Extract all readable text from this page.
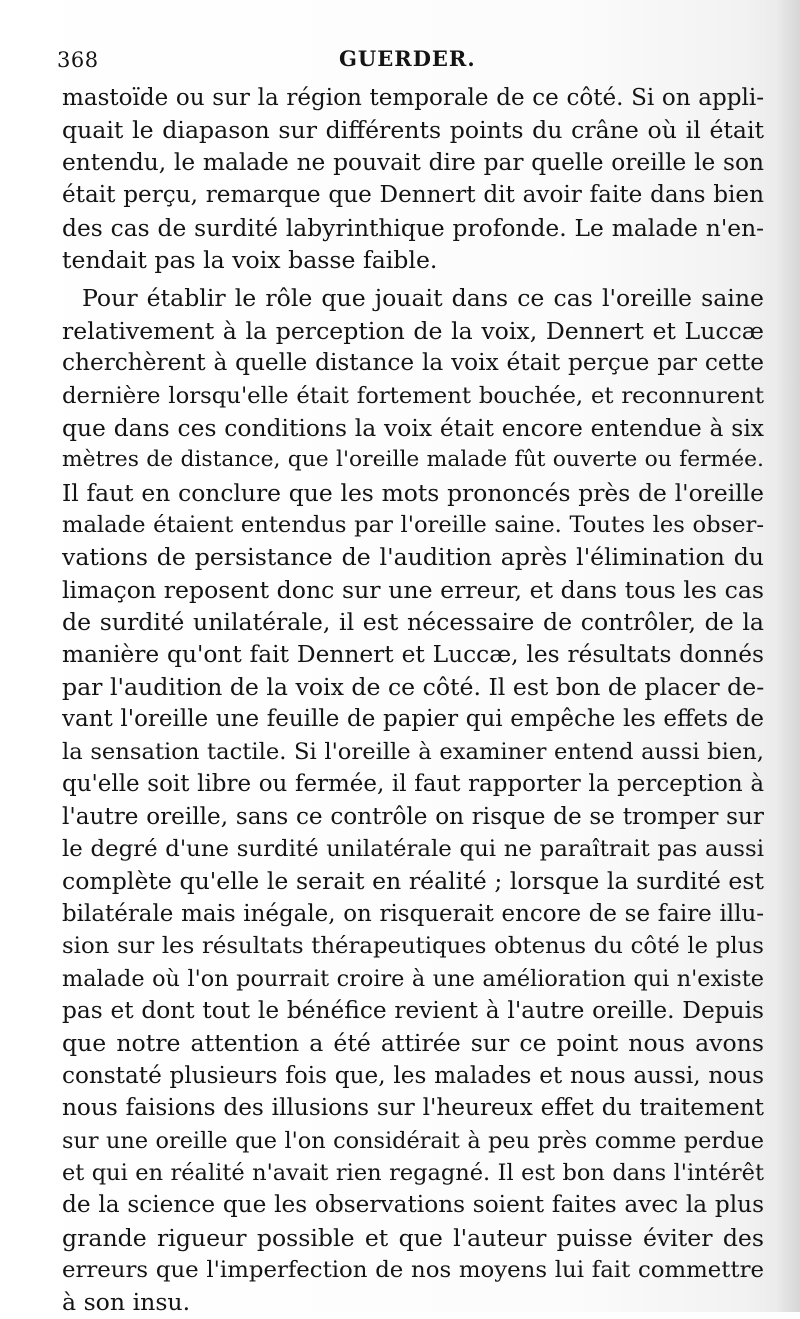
368	GUERDER.

mastoïde ou sur la région temporale de ce côté. Si on appli-
quait le diapason sur différents points du crâne où il était
entendu, le malade ne pouvait dire par quelle oreille le son
était perçu, remarque que Dennert dit avoir faite dans bien
des cas de surdité labyrinthique profonde. Le malade n'en-
tendait pas la voix basse faible.

Pour établir le rôle que jouait dans ce cas l'oreille saine
relativement à la perception de la voix, Dennert et Luccæ
cherchèrent à quelle distance la voix était perçue par cette
dernière lorsqu'elle était fortement bouchée, et reconnurent
que dans ces conditions la voix était encore entendue à six
mètres de distance, que l'oreille malade fût ouverte ou fermée.
Il faut en conclure que les mots prononcés près de l'oreille
malade étaient entendus par l'oreille saine. Toutes les obser-
vations de persistance de l'audition après l'élimination du
limaçon reposent donc sur une erreur, et dans tous les cas
de surdité unilatérale, il est nécessaire de contrôler, de la
manière qu'ont fait Dennert et Luccæ, les résultats donnés
par l'audition de la voix de ce côté. Il est bon de placer de-
vant l'oreille une feuille de papier qui empêche les effets de
la sensation tactile. Si l'oreille à examiner entend aussi bien,
qu'elle soit libre ou fermée, il faut rapporter la perception à
l'autre oreille, sans ce contrôle on risque de se tromper sur
le degré d'une surdité unilatérale qui ne paraîtrait pas aussi
complète qu'elle le serait en réalité ; lorsque la surdité est
bilatérale mais inégale, on risquerait encore de se faire illu-
sion sur les résultats thérapeutiques obtenus du côté le plus
malade où l'on pourrait croire à une amélioration qui n'existe
pas et dont tout le bénéfice revient à l'autre oreille. Depuis
que notre attention a été attirée sur ce point nous avons
constaté plusieurs fois que, les malades et nous aussi, nous
nous faisions des illusions sur l'heureux effet du traitement
sur une oreille que l'on considérait à peu près comme perdue
et qui en réalité n'avait rien regagné. Il est bon dans l'intérêt
de la science que les observations soient faites avec la plus
grande rigueur possible et que l'auteur puisse éviter des
erreurs que l'imperfection de nos moyens lui fait commettre
à son insu.
